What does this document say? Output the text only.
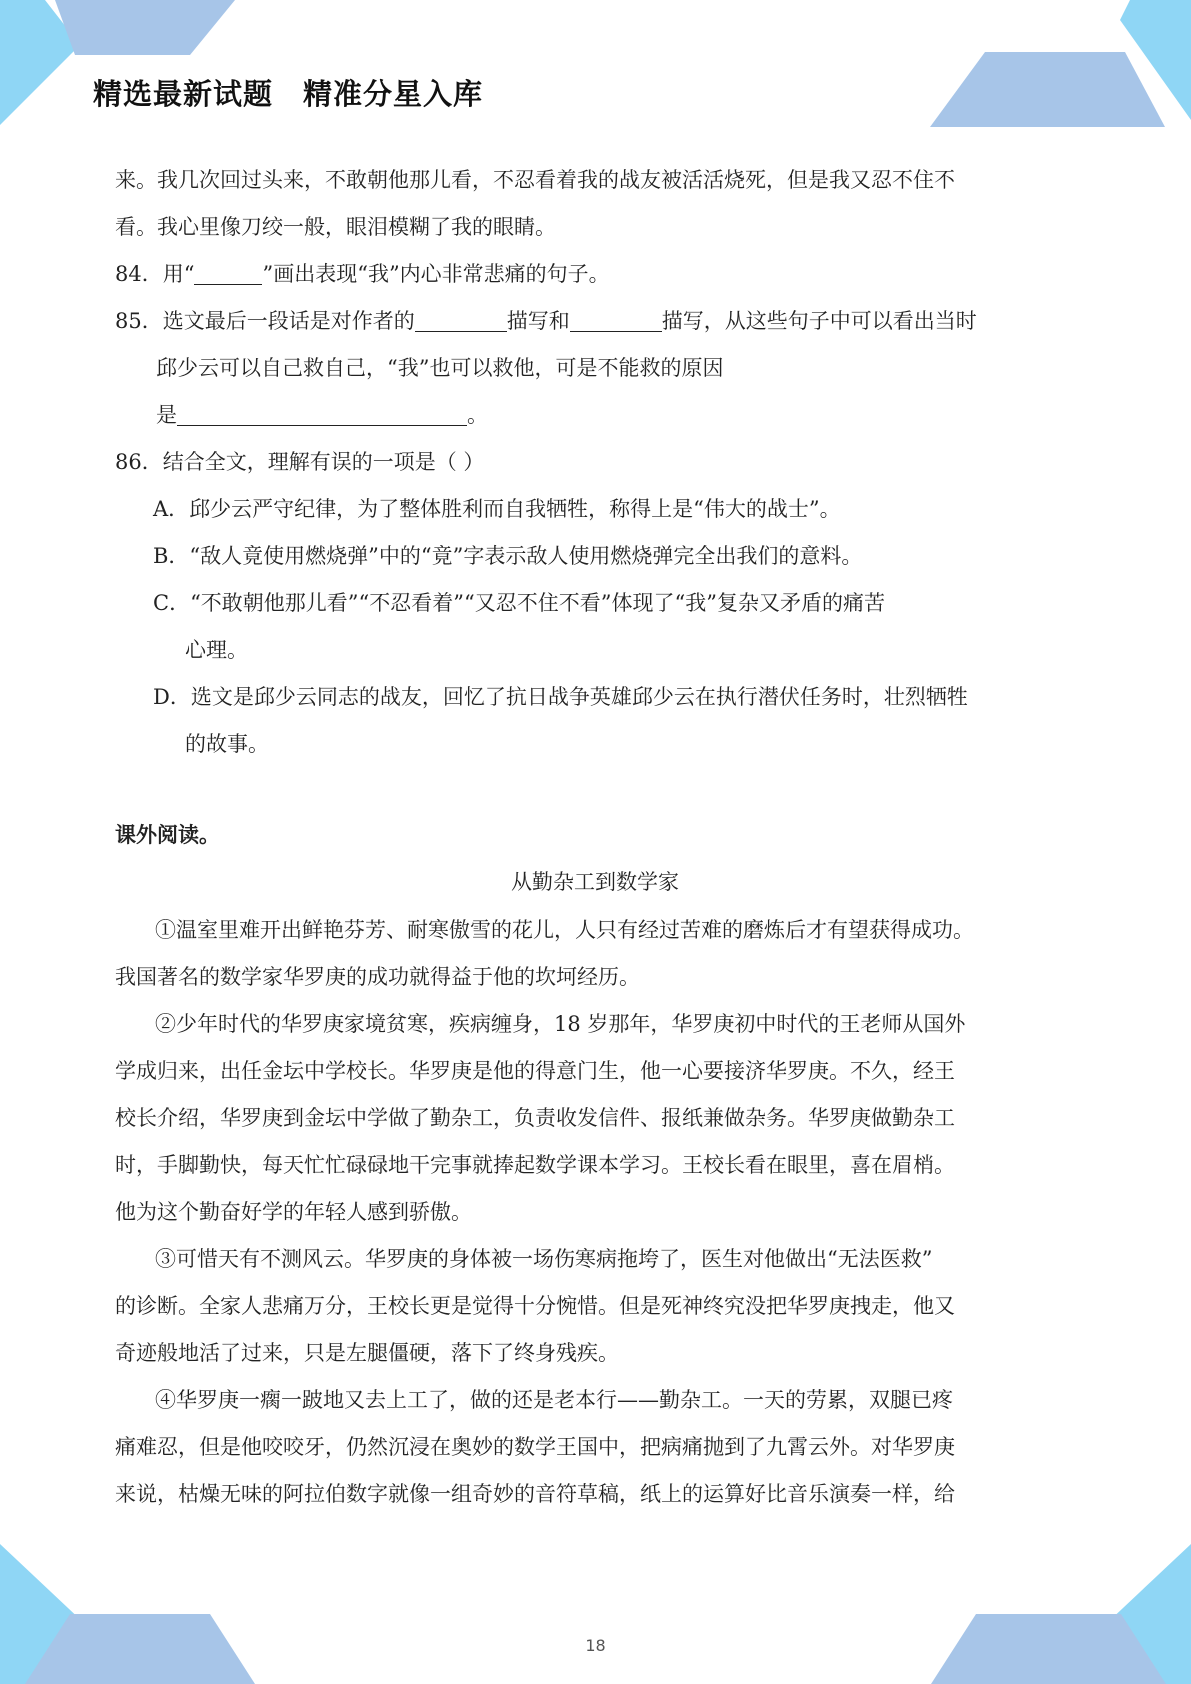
精选最新试题　精准分星入库
来。我几次回过头来，不敢朝他那儿看，不忍看着我的战友被活活烧死，但是我又忍不住不
看。我心里像刀绞一般，眼泪模糊了我的眼睛。
84．用“	”画出表现“我”内心非常悲痛的句子。
85．选文最后一段话是对作者的	描写和	描写，从这些句子中可以看出当时
邱少云可以自己救自己，“我”也可以救他，可是不能救的原因
是	。
86．结合全文，理解有误的一项是（ ）
A．邱少云严守纪律，为了整体胜利而自我牺牲，称得上是“伟大的战士”。
B．“敌人竟使用燃烧弹”中的“竟”字表示敌人使用燃烧弹完全出我们的意料。
C．“不敢朝他那儿看”“不忍看着”“又忍不住不看”体现了“我”复杂又矛盾的痛苦
心理。
D．选文是邱少云同志的战友，回忆了抗日战争英雄邱少云在执行潜伏任务时，壮烈牺牲
的故事。
课外阅读。
从勤杂工到数学家
①温室里难开出鲜艳芬芳、耐寒傲雪的花儿，人只有经过苦难的磨炼后才有望获得成功。
我国著名的数学家华罗庚的成功就得益于他的坎坷经历。
②少年时代的华罗庚家境贫寒，疾病缠身，18 岁那年，华罗庚初中时代的王老师从国外
学成归来，出任金坛中学校长。华罗庚是他的得意门生，他一心要接济华罗庚。不久，经王
校长介绍，华罗庚到金坛中学做了勤杂工，负责收发信件、报纸兼做杂务。华罗庚做勤杂工
时，手脚勤快，每天忙忙碌碌地干完事就捧起数学课本学习。王校长看在眼里，喜在眉梢。
他为这个勤奋好学的年轻人感到骄傲。
③可惜天有不测风云。华罗庚的身体被一场伤寒病拖垮了，医生对他做出“无法医救”
的诊断。全家人悲痛万分，王校长更是觉得十分惋惜。但是死神终究没把华罗庚拽走，他又
奇迹般地活了过来，只是左腿僵硬，落下了终身残疾。
④华罗庚一瘸一跛地又去上工了，做的还是老本行——勤杂工。一天的劳累，双腿已疼
痛难忍，但是他咬咬牙，仍然沉浸在奥妙的数学王国中，把病痛抛到了九霄云外。对华罗庚
来说，枯燥无味的阿拉伯数字就像一组奇妙的音符草稿，纸上的运算好比音乐演奏一样，给
18
